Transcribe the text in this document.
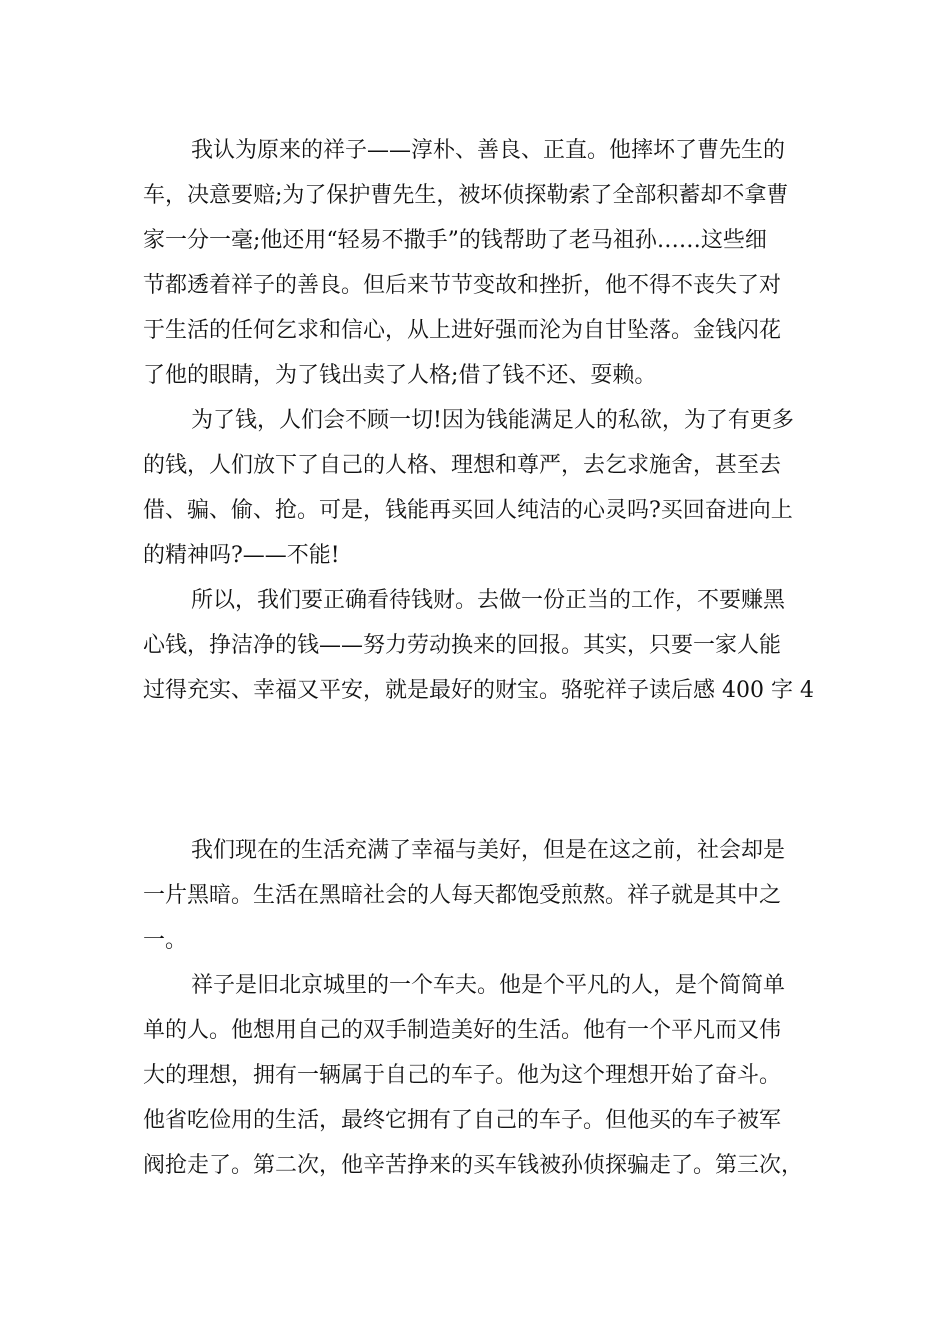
我认为原来的祥子——淳朴、善良、正直。他摔坏了曹先生的
车，决意要赔;为了保护曹先生，被坏侦探勒索了全部积蓄却不拿曹
家一分一毫;他还用“轻易不撒手”的钱帮助了老马祖孙……这些细
节都透着祥子的善良。但后来节节变故和挫折，他不得不丧失了对
于生活的任何乞求和信心，从上进好强而沦为自甘坠落。金钱闪花
了他的眼睛，为了钱出卖了人格;借了钱不还、耍赖。
为了钱，人们会不顾一切!因为钱能满足人的私欲，为了有更多
的钱，人们放下了自己的人格、理想和尊严，去乞求施舍，甚至去
借、骗、偷、抢。可是，钱能再买回人纯洁的心灵吗?买回奋进向上
的精神吗?——不能!
所以，我们要正确看待钱财。去做一份正当的工作，不要赚黑
心钱，挣洁净的钱——努力劳动换来的回报。其实，只要一家人能
过得充实、幸福又平安，就是最好的财宝。骆驼祥子读后感 400 字 4
我们现在的生活充满了幸福与美好，但是在这之前，社会却是
一片黑暗。生活在黑暗社会的人每天都饱受煎熬。祥子就是其中之
一。
祥子是旧北京城里的一个车夫。他是个平凡的人，是个简简单
单的人。他想用自己的双手制造美好的生活。他有一个平凡而又伟
大的理想，拥有一辆属于自己的车子。他为这个理想开始了奋斗。
他省吃俭用的生活，最终它拥有了自己的车子。但他买的车子被军
阀抢走了。第二次，他辛苦挣来的买车钱被孙侦探骗走了。第三次，
